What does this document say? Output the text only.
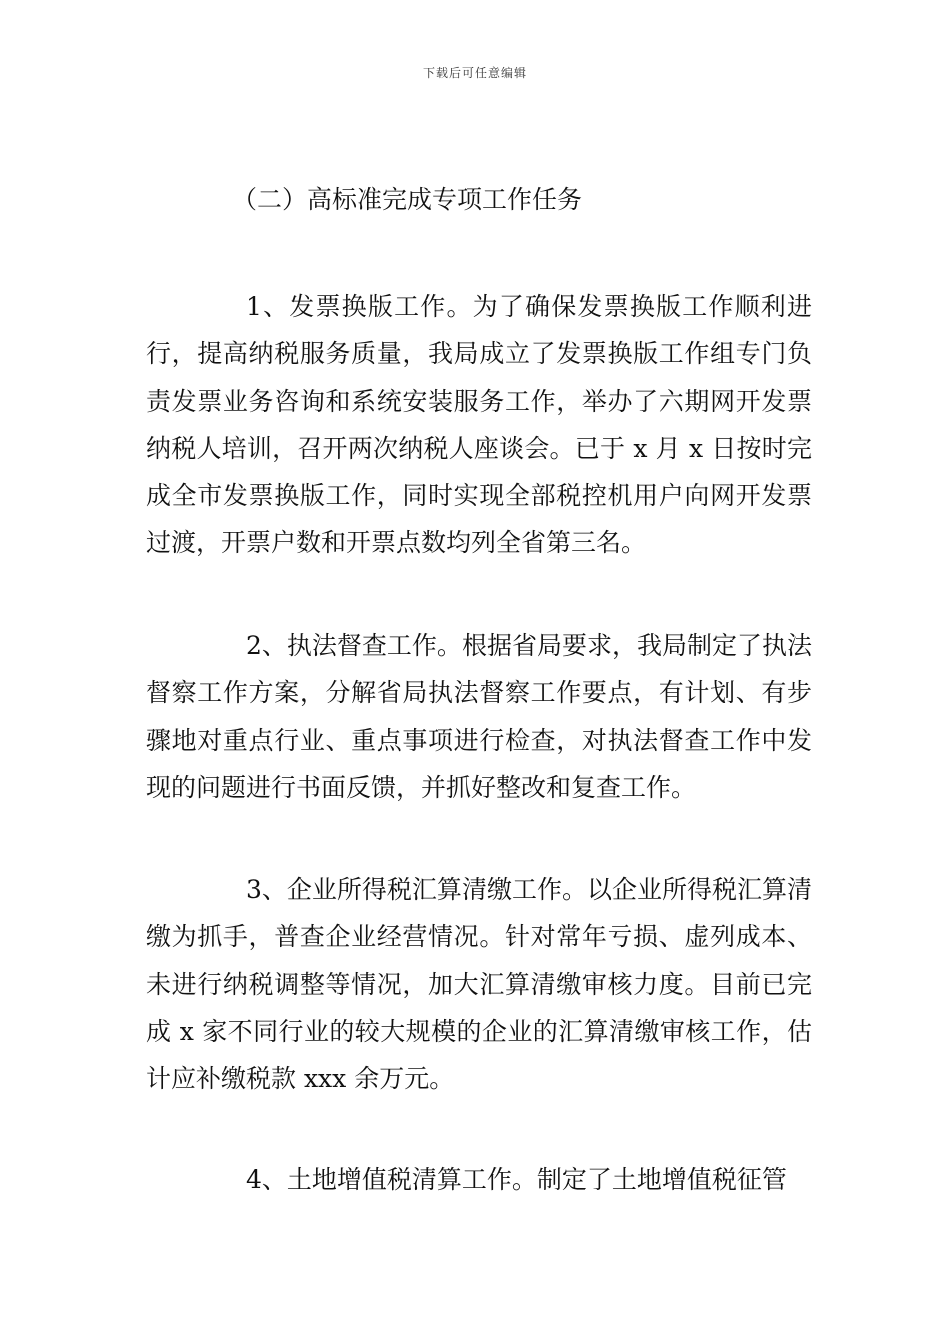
下载后可任意编辑
（二）高标准完成专项工作任务

1、发票换版工作。为了确保发票换版工作顺利进行，提高纳税服务质量，我局成立了发票换版工作组专门负责发票业务咨询和系统安装服务工作，举办了六期网开发票纳税人培训，召开两次纳税人座谈会。已于 x 月 x 日按时完成全市发票换版工作，同时实现全部税控机用户向网开发票过渡，开票户数和开票点数均列全省第三名。

2、执法督查工作。根据省局要求，我局制定了执法督察工作方案，分解省局执法督察工作要点，有计划、有步骤地对重点行业、重点事项进行检查，对执法督查工作中发现的问题进行书面反馈，并抓好整改和复查工作。

3、企业所得税汇算清缴工作。以企业所得税汇算清缴为抓手，普查企业经营情况。针对常年亏损、虚列成本、未进行纳税调整等情况，加大汇算清缴审核力度。目前已完成 x 家不同行业的较大规模的企业的汇算清缴审核工作，估计应补缴税款 xxx 余万元。

4、土地增值税清算工作。制定了土地增值税征管
